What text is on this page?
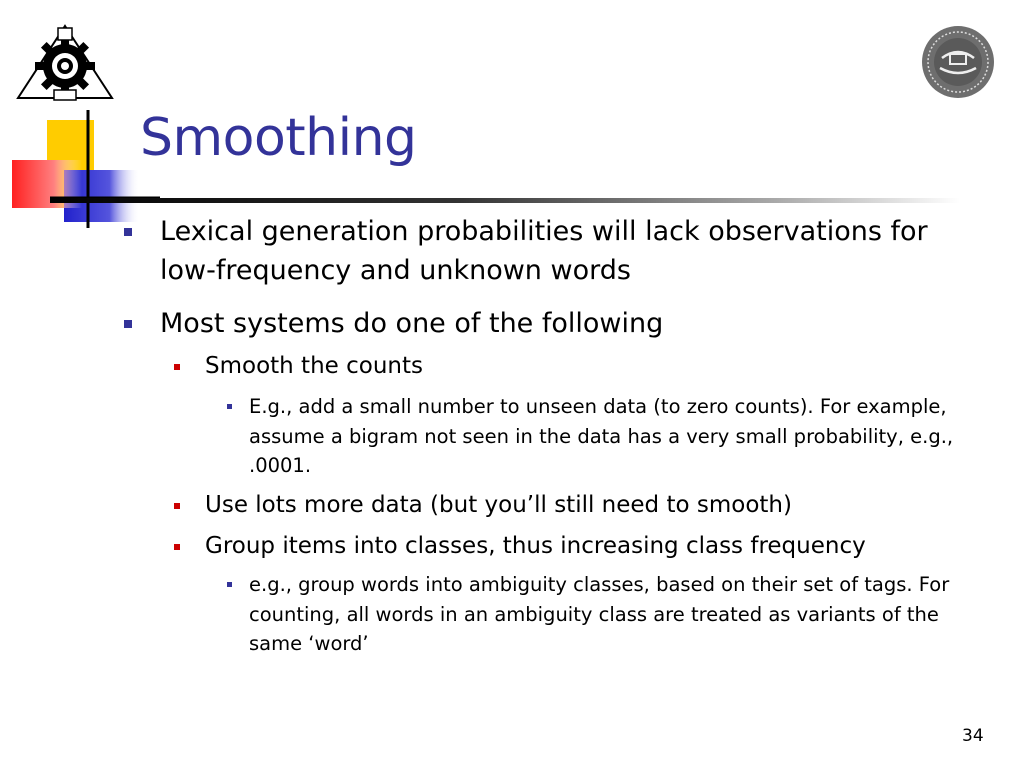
Smoothing
Lexical generation probabilities will lack observations for low-frequency and unknown words
Most systems do one of the following
Smooth the counts
E.g., add a small number to unseen data (to zero counts). For example, assume a bigram not seen in the data has a very small probability, e.g., .0001.
Use lots more data (but you’ll still need to smooth)
Group items into classes, thus increasing class frequency
e.g., group words into ambiguity classes, based on their set of tags. For counting, all words in an ambiguity class are treated as variants of the same ‘word’
34
